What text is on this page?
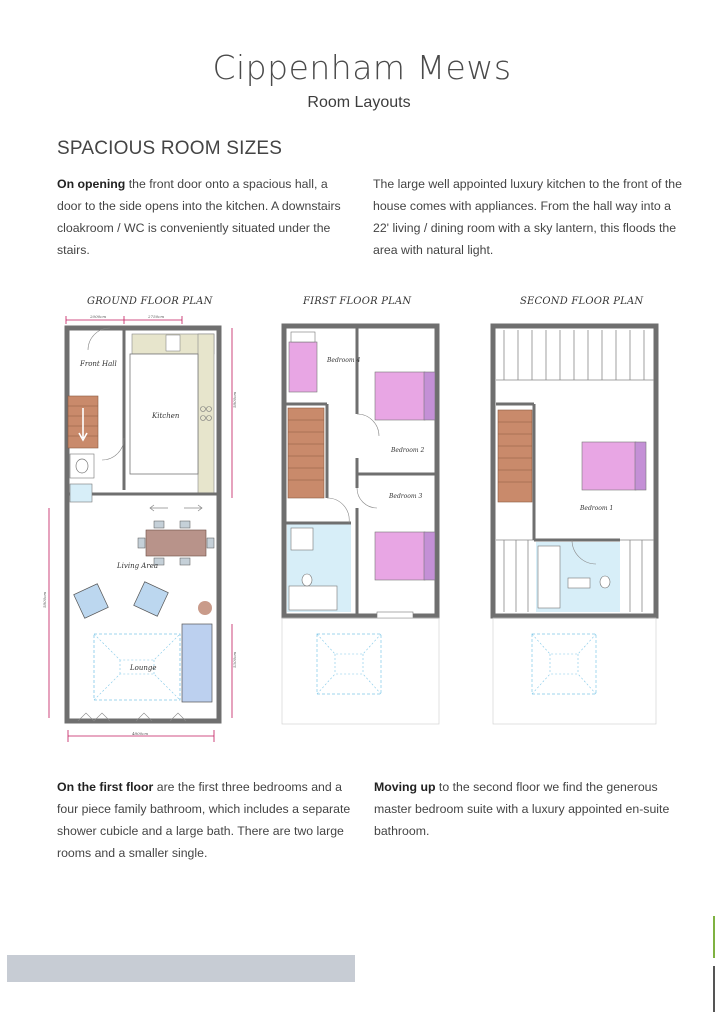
Cippenham Mews
Room Layouts
SPACIOUS ROOM SIZES
On opening the front door onto a spacious hall, a door to the side opens into the kitchen. A downstairs cloakroom / WC is conveniently situated under the stairs.
The large well appointed luxury kitchen to the front of the house comes with appliances. From the hall way into a 22' living / dining room with a sky lantern, this floods the area with natural light.
GROUND FLOOR PLAN	FIRST FLOOR PLAN	SECOND FLOOR PLAN
2000cm	2750cm
5800cm
5800cm
5300cm
4800cm
Front Hall
Kitchen
Living Area
Lounge
Bedroom 4
Bedroom 2
Bedroom 3
Bedroom 1
On the first floor are the first three bedrooms and a four piece family bathroom, which includes a separate shower cubicle and a large bath. There are two large rooms and a smaller single.
Moving up to the second floor we find the generous master bedroom suite with a luxury appointed en-suite bathroom.
